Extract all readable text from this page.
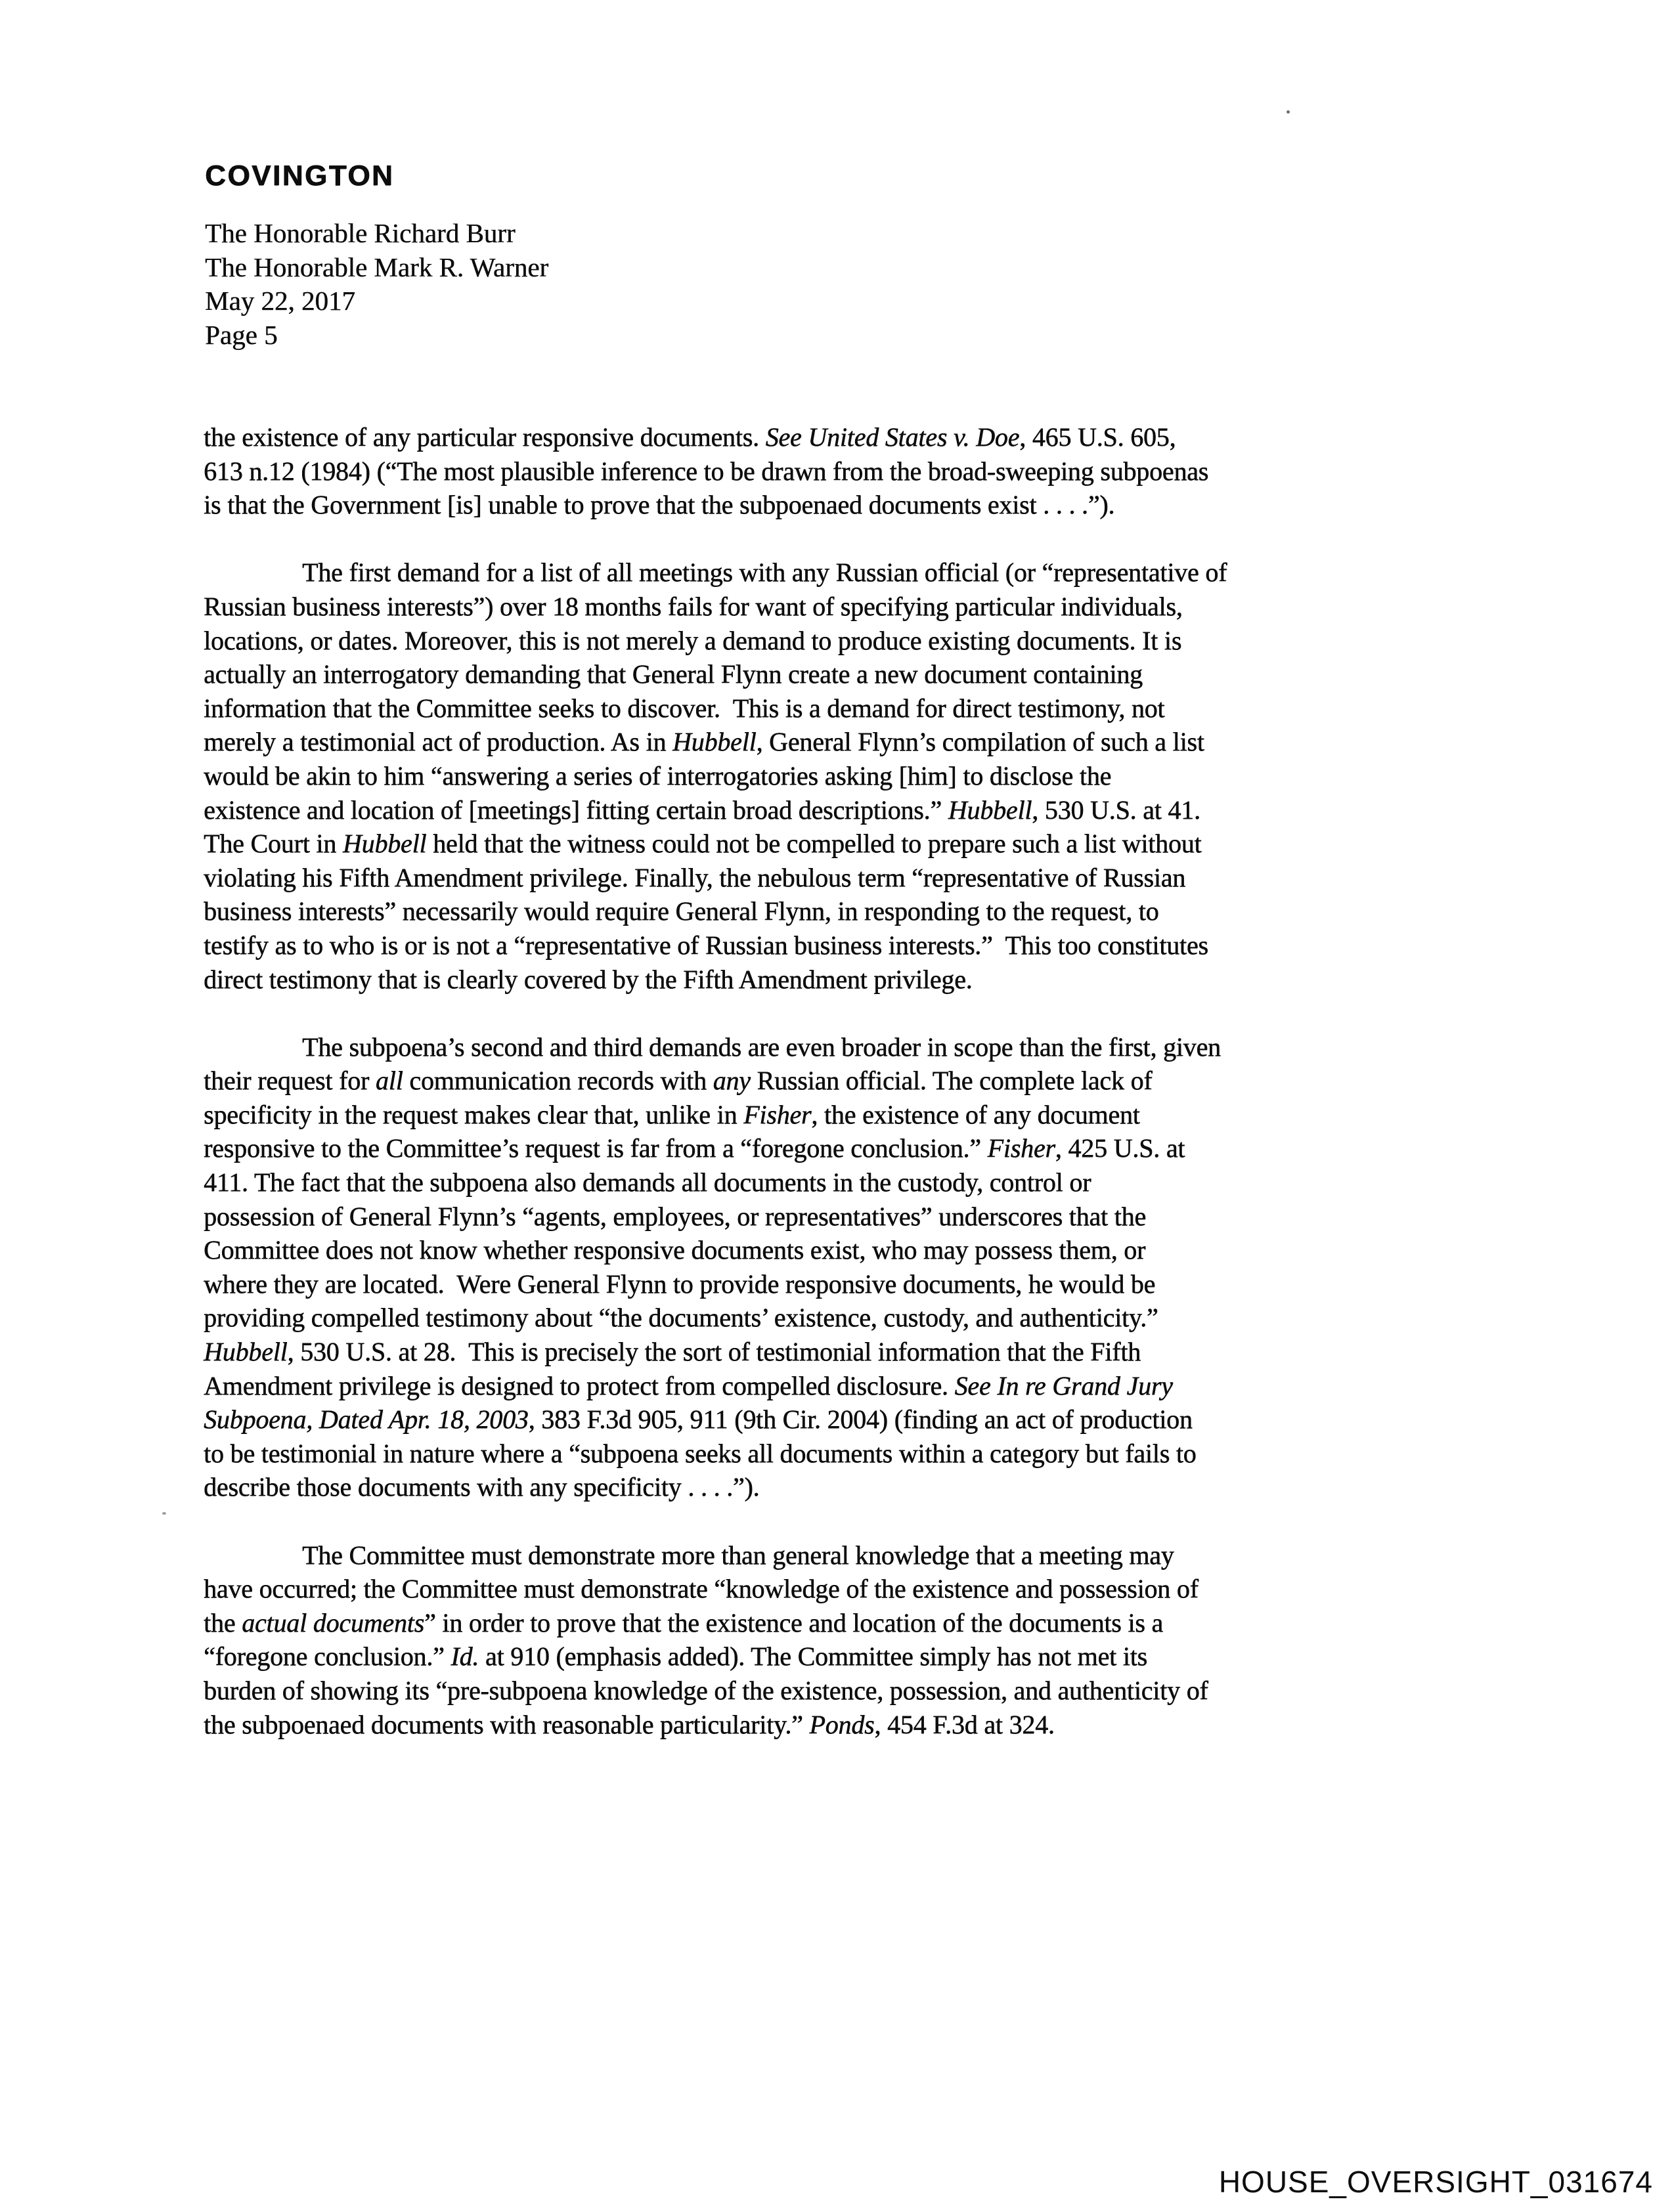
COVINGTON
The Honorable Richard Burr
The Honorable Mark R. Warner
May 22, 2017
Page 5
the existence of any particular responsive documents. See United States v. Doe, 465 U.S. 605,
613 n.12 (1984) (“The most plausible inference to be drawn from the broad-sweeping subpoenas
is that the Government [is] unable to prove that the subpoenaed documents exist . . . .”).
The first demand for a list of all meetings with any Russian official (or “representative of
Russian business interests”) over 18 months fails for want of specifying particular individuals,
locations, or dates. Moreover, this is not merely a demand to produce existing documents. It is
actually an interrogatory demanding that General Flynn create a new document containing
information that the Committee seeks to discover.  This is a demand for direct testimony, not
merely a testimonial act of production. As in Hubbell, General Flynn’s compilation of such a list
would be akin to him “answering a series of interrogatories asking [him] to disclose the
existence and location of [meetings] fitting certain broad descriptions.” Hubbell, 530 U.S. at 41.
The Court in Hubbell held that the witness could not be compelled to prepare such a list without
violating his Fifth Amendment privilege. Finally, the nebulous term “representative of Russian
business interests” necessarily would require General Flynn, in responding to the request, to
testify as to who is or is not a “representative of Russian business interests.”  This too constitutes
direct testimony that is clearly covered by the Fifth Amendment privilege.
The subpoena’s second and third demands are even broader in scope than the first, given
their request for all communication records with any Russian official. The complete lack of
specificity in the request makes clear that, unlike in Fisher, the existence of any document
responsive to the Committee’s request is far from a “foregone conclusion.” Fisher, 425 U.S. at
411. The fact that the subpoena also demands all documents in the custody, control or
possession of General Flynn’s “agents, employees, or representatives” underscores that the
Committee does not know whether responsive documents exist, who may possess them, or
where they are located.  Were General Flynn to provide responsive documents, he would be
providing compelled testimony about “the documents’ existence, custody, and authenticity.”
Hubbell, 530 U.S. at 28.  This is precisely the sort of testimonial information that the Fifth
Amendment privilege is designed to protect from compelled disclosure. See In re Grand Jury
Subpoena, Dated Apr. 18, 2003, 383 F.3d 905, 911 (9th Cir. 2004) (finding an act of production
to be testimonial in nature where a “subpoena seeks all documents within a category but fails to
describe those documents with any specificity . . . .”).
The Committee must demonstrate more than general knowledge that a meeting may
have occurred; the Committee must demonstrate “knowledge of the existence and possession of
the actual documents” in order to prove that the existence and location of the documents is a
“foregone conclusion.” Id. at 910 (emphasis added). The Committee simply has not met its
burden of showing its “pre-subpoena knowledge of the existence, possession, and authenticity of
the subpoenaed documents with reasonable particularity.” Ponds, 454 F.3d at 324.
HOUSE_OVERSIGHT_031674
